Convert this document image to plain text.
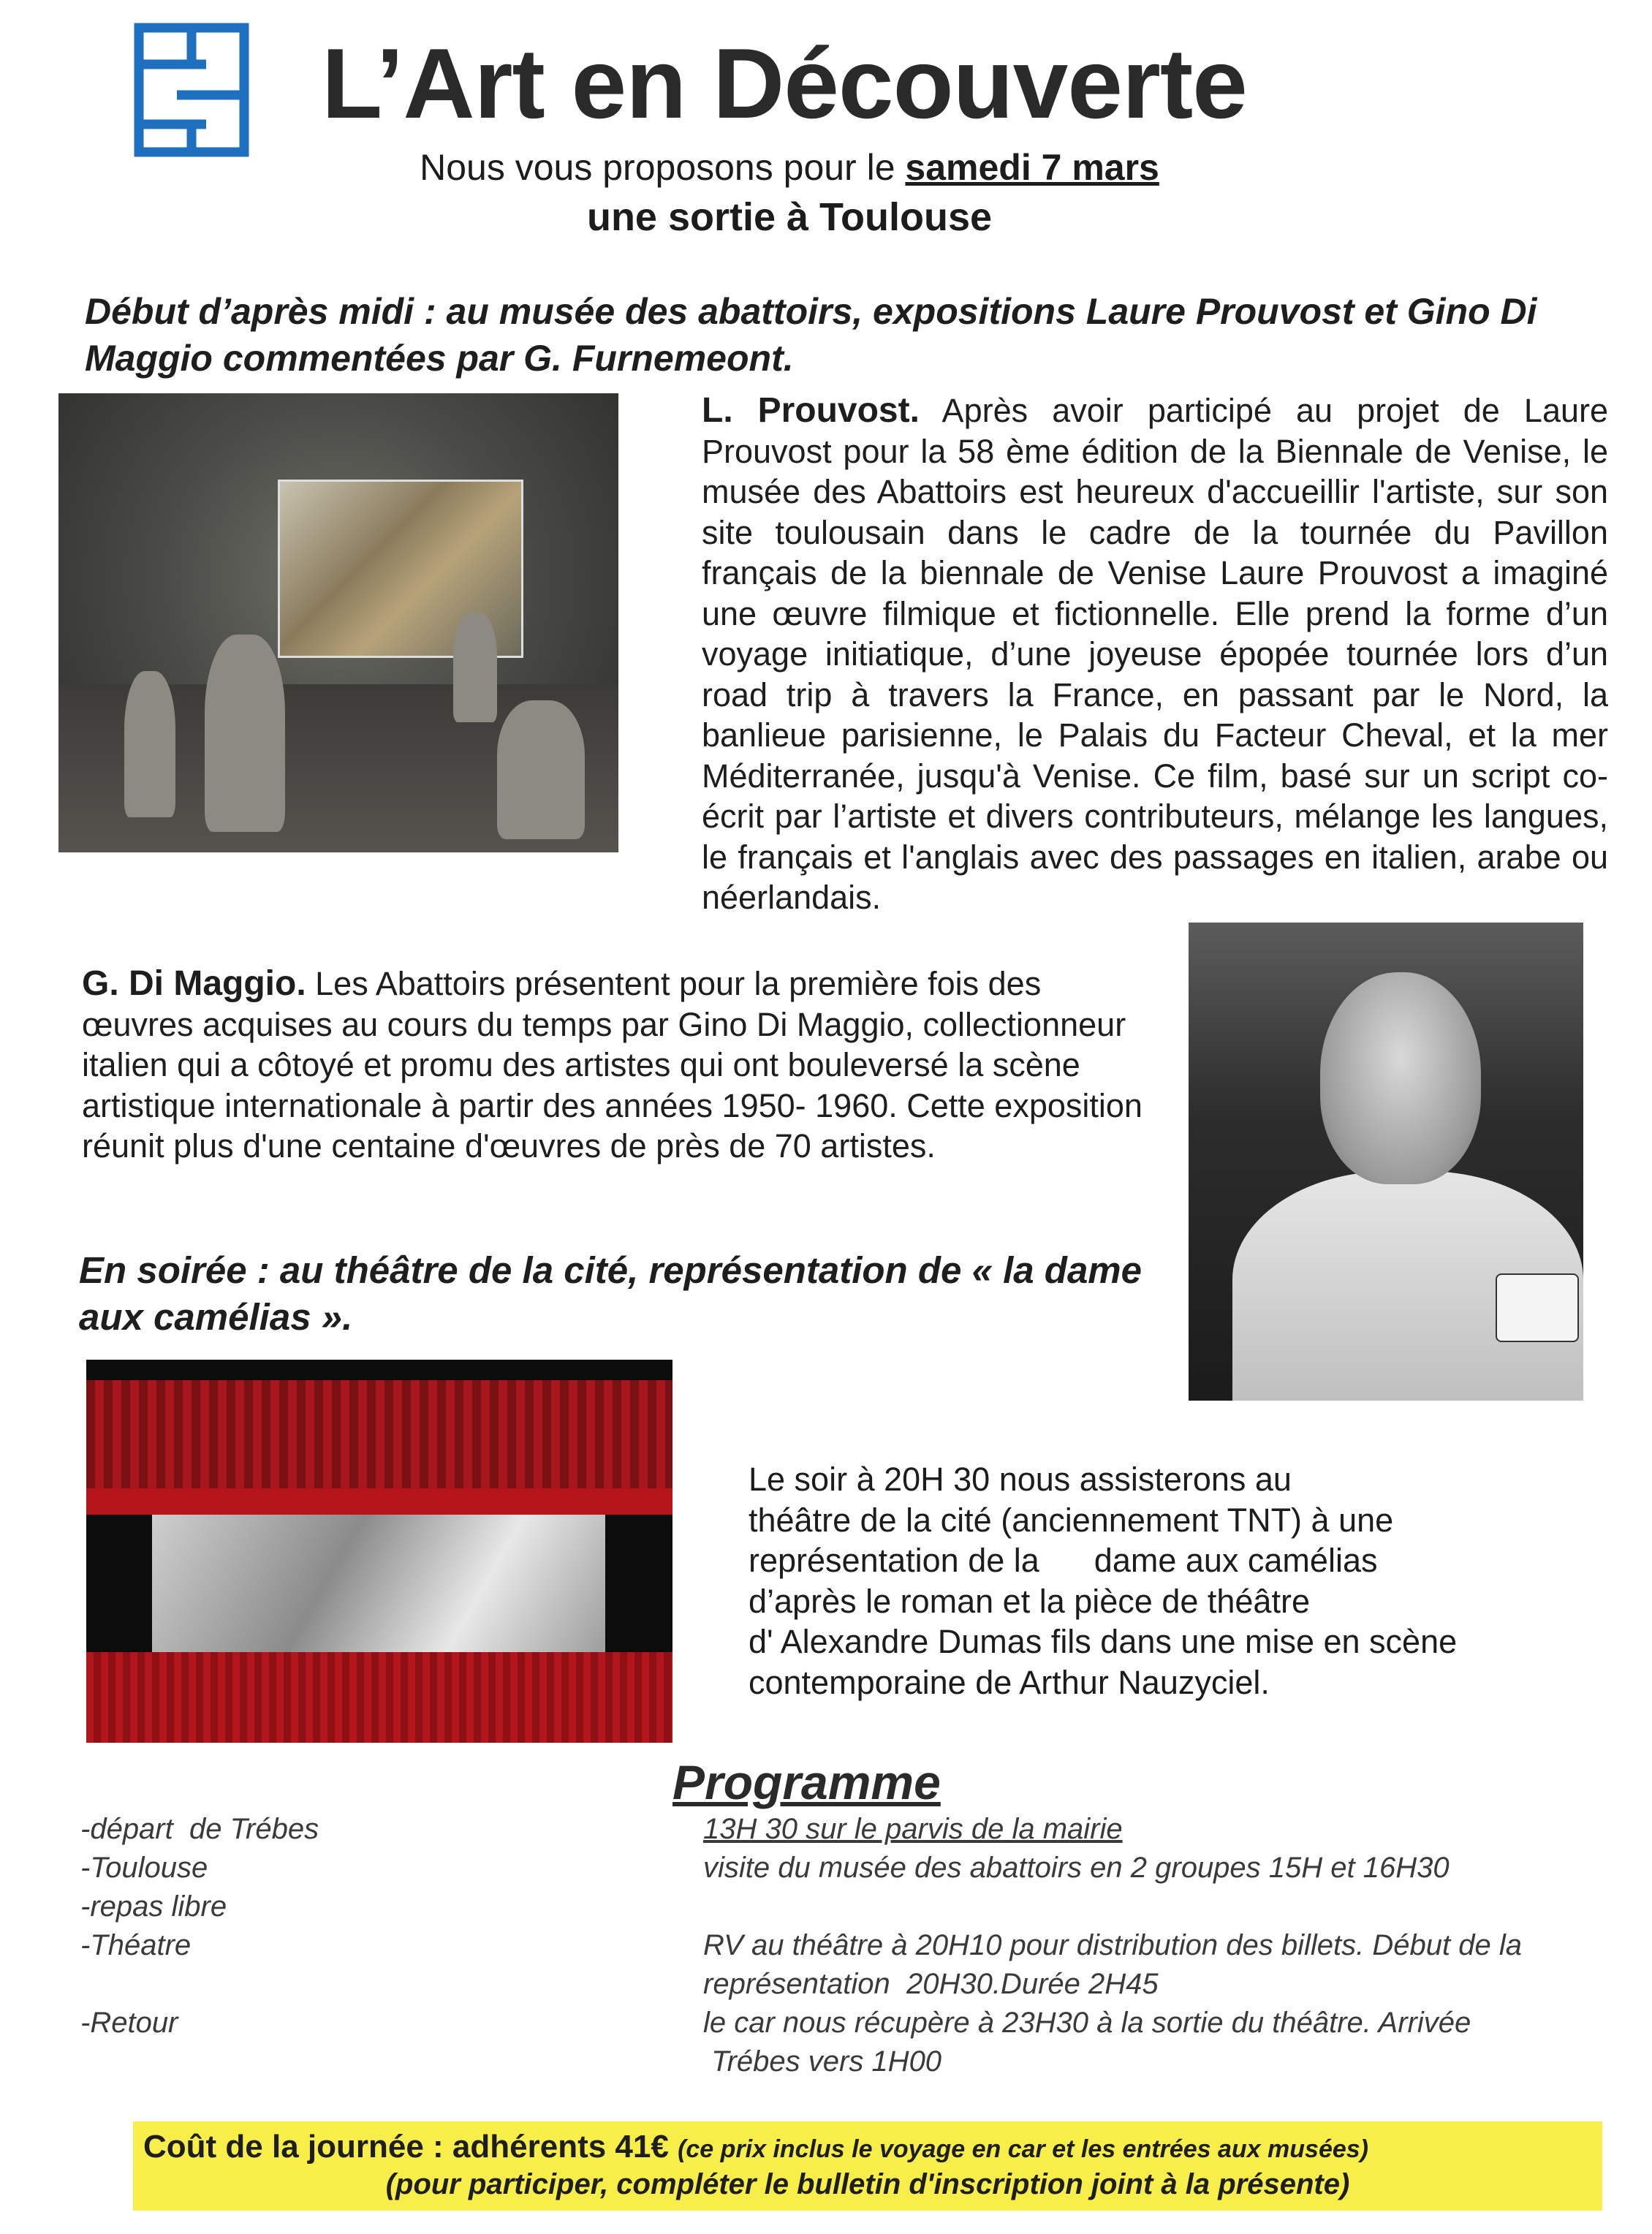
L’Art en Découverte
Nous vous proposons pour le samedi 7 mars
une sortie à Toulouse
Début d’après midi : au musée des abattoirs, expositions Laure Prouvost et Gino Di Maggio commentées par G. Furnemeont.
L. Prouvost. Après avoir participé au projet de Laure Prouvost pour la 58 ème édition de la Biennale de Venise, le musée des Abattoirs est heureux d'accueillir l'artiste, sur son site toulousain dans le cadre de la tournée du Pavillon français de la biennale de Venise Laure Prouvost a imaginé une œuvre filmique et fictionnelle. Elle prend la forme d’un voyage initiatique, d’une joyeuse épopée tournée lors d’un road trip à travers la France, en passant par le Nord, la banlieue parisienne, le Palais du Facteur Cheval, et la mer Méditerranée, jusqu'à Venise. Ce film, basé sur un script co-écrit par l’artiste et divers contributeurs, mélange les langues, le français et l'anglais avec des passages en italien, arabe ou néerlandais.
G. Di Maggio. Les Abattoirs présentent pour la première fois des œuvres acquises au cours du temps par Gino Di Maggio, collectionneur italien qui a côtoyé et promu des artistes qui ont bouleversé la scène artistique internationale à partir des années 1950- 1960. Cette exposition réunit plus d'une centaine d'œuvres de près de 70 artistes.
En soirée : au théâtre de la cité, représentation de « la dame aux camélias ».
Le soir à 20H 30 nous assisterons au
théâtre de la cité (anciennement TNT) à une
représentation de la      dame aux camélias
d’après le roman et la pièce de théâtre
d' Alexandre Dumas fils dans une mise en scène
contemporaine de Arthur Nauzyciel.
Programme
-départ  de Trébes
-Toulouse
-repas libre
-Théatre
-Retour
13H 30 sur le parvis de la mairie
visite du musée des abattoirs en 2 groupes 15H et 16H30
RV au théâtre à 20H10 pour distribution des billets. Début de la
représentation  20H30.Durée 2H45
le car nous récupère à 23H30 à la sortie du théâtre. Arrivée
Trébes vers 1H00
Coût de la journée : adhérents 41€ (ce prix inclus le voyage en car et les entrées aux musées)
(pour participer, compléter le bulletin d'inscription joint à la présente)
